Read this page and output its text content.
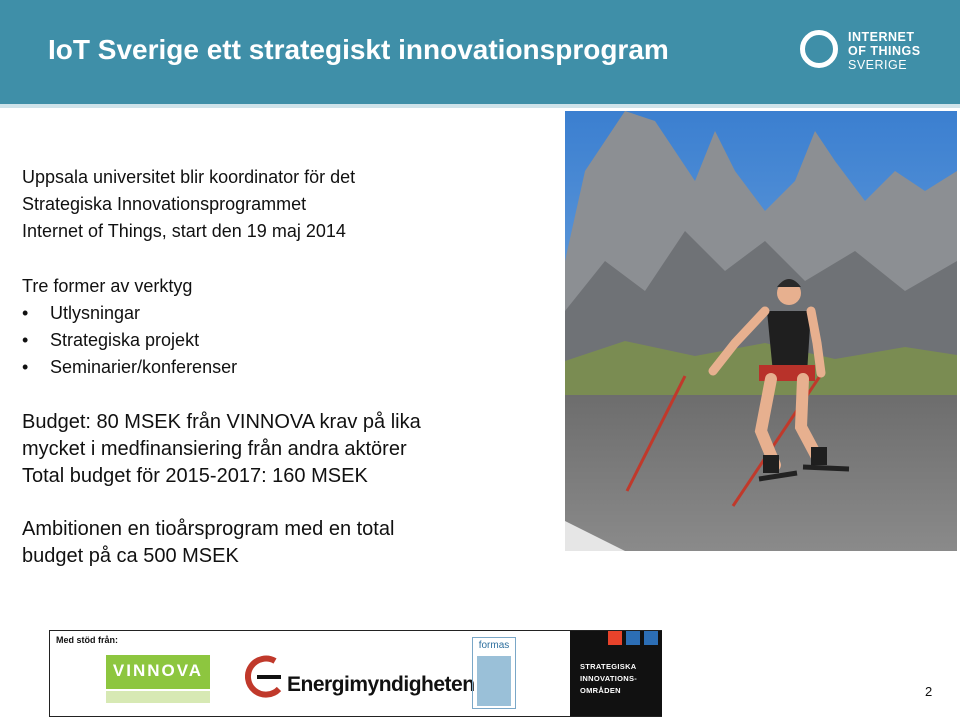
IoT Sverige ett strategiskt innovationsprogram	INTERNET
OF THINGS
SVERIGE

Uppsala universitet blir koordinator för det

Strategiska Innovationsprogrammet

Internet of Things, start den 19 maj 2014

Tre former av verktyg

• Utlysningar
• Strategiska projekt
• Seminarier/konferenser

Budget: 80 MSEK från VINNOVA krav på lika

mycket i medfinansiering från andra aktörer

Total budget för 2015-2017: 160 MSEK

Ambitionen en tioårsprogram med en total

budget på ca 500 MSEK

Med stöd från:
VINNOVA
Energimyndigheten
formas
STRATEGISKA
INNOVATIONS-
OMRÅDEN	2
